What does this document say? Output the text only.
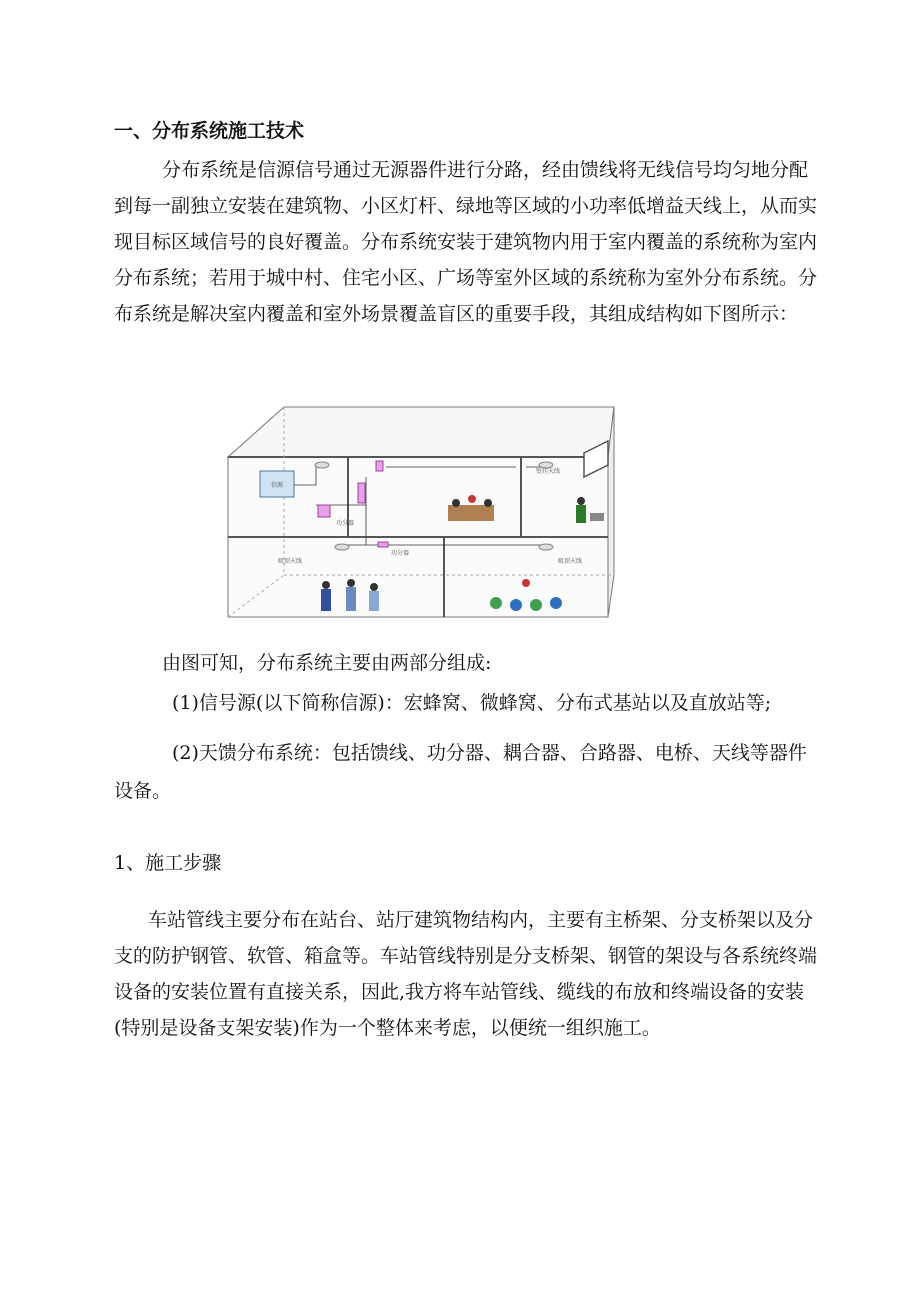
一、分布系统施工技术

分布系统是信源信号通过无源器件进行分路，经由馈线将无线信号均匀地分配到每一副独立安装在建筑物、小区灯杆、绿地等区域的小功率低增益天线上，从而实现目标区域信号的良好覆盖。分布系统安装于建筑物内用于室内覆盖的系统称为室内分布系统；若用于城中村、住宅小区、广场等室外区域的系统称为室外分布系统。分布系统是解决室内覆盖和室外场景覆盖盲区的重要手段，其组成结构如下图所示：

信源
功分器
功分器
吸顶天线
壁挂天线
吸顶天线

由图可知，分布系统主要由两部分组成:

(1)信号源(以下简称信源)：宏蜂窝、微蜂窝、分布式基站以及直放站等;

(2)天馈分布系统：包括馈线、功分器、耦合器、合路器、电桥、天线等器件设备。

1、施工步骤

车站管线主要分布在站台、站厅建筑物结构内，主要有主桥架、分支桥架以及分支的防护钢管、软管、箱盒等。车站管线特别是分支桥架、钢管的架设与各系统终端设备的安装位置有直接关系，因此,我方将车站管线、缆线的布放和终端设备的安装(特别是设备支架安装)作为一个整体来考虑，以便统一组织施工。
